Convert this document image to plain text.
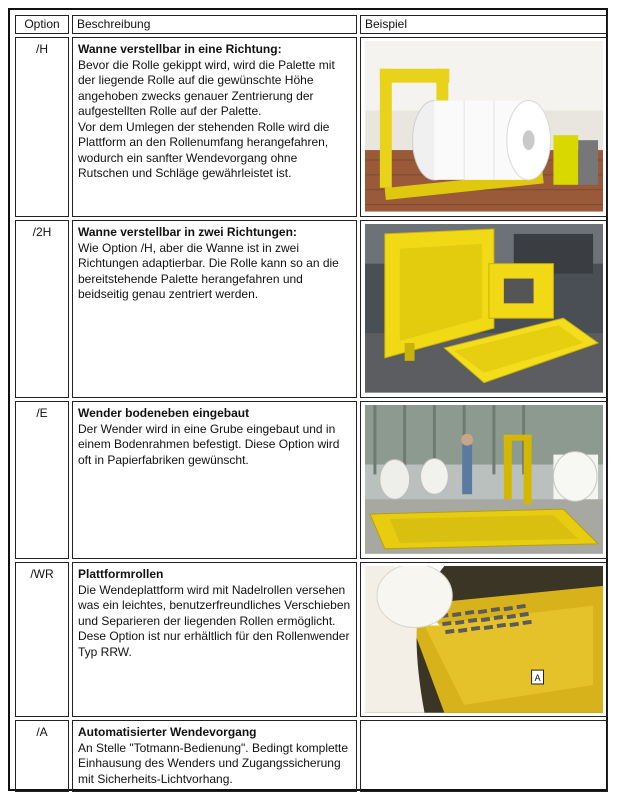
Option	Beschreibung	Beispiel
/H	Wanne verstellbar in eine Richtung:
Bevor die Rolle gekippt wird, wird die Palette mit der liegende Rolle auf die gewünschte Höhe angehoben zwecks genauer Zentrierung der aufgestellten Rolle auf der Palette.
Vor dem Umlegen der stehenden Rolle wird die Plattform an den Rollenumfang herangefahren, wodurch ein sanfter Wendevorgang ohne Rutschen und Schläge gewährleistet ist.

/2H	Wanne verstellbar in zwei Richtungen:
Wie Option /H, aber die Wanne ist in zwei Richtungen adaptierbar. Die Rolle kann so an die bereitstehende Palette herangefahren und beidseitig genau zentriert werden.

/E	Wender bodeneben eingebaut
Der Wender wird in eine Grube eingebaut und in einem Bodenrahmen befestigt. Diese Option wird oft in Papierfabriken gewünscht.

/WR	Plattformrollen
Die Wendeplattform wird mit Nadelrollen versehen was ein leichtes, benutzerfreundliches Verschieben und Separieren der liegenden Rollen ermöglicht.
Dese Option ist nur erhältlich für den Rollenwender Typ RRW.	A

/A	Automatisierter Wendevorgang
An Stelle "Totmann-Bedienung". Bedingt komplette Einhausung des Wenders und Zugangssicherung mit Sicherheits-Lichtvorhang.	
